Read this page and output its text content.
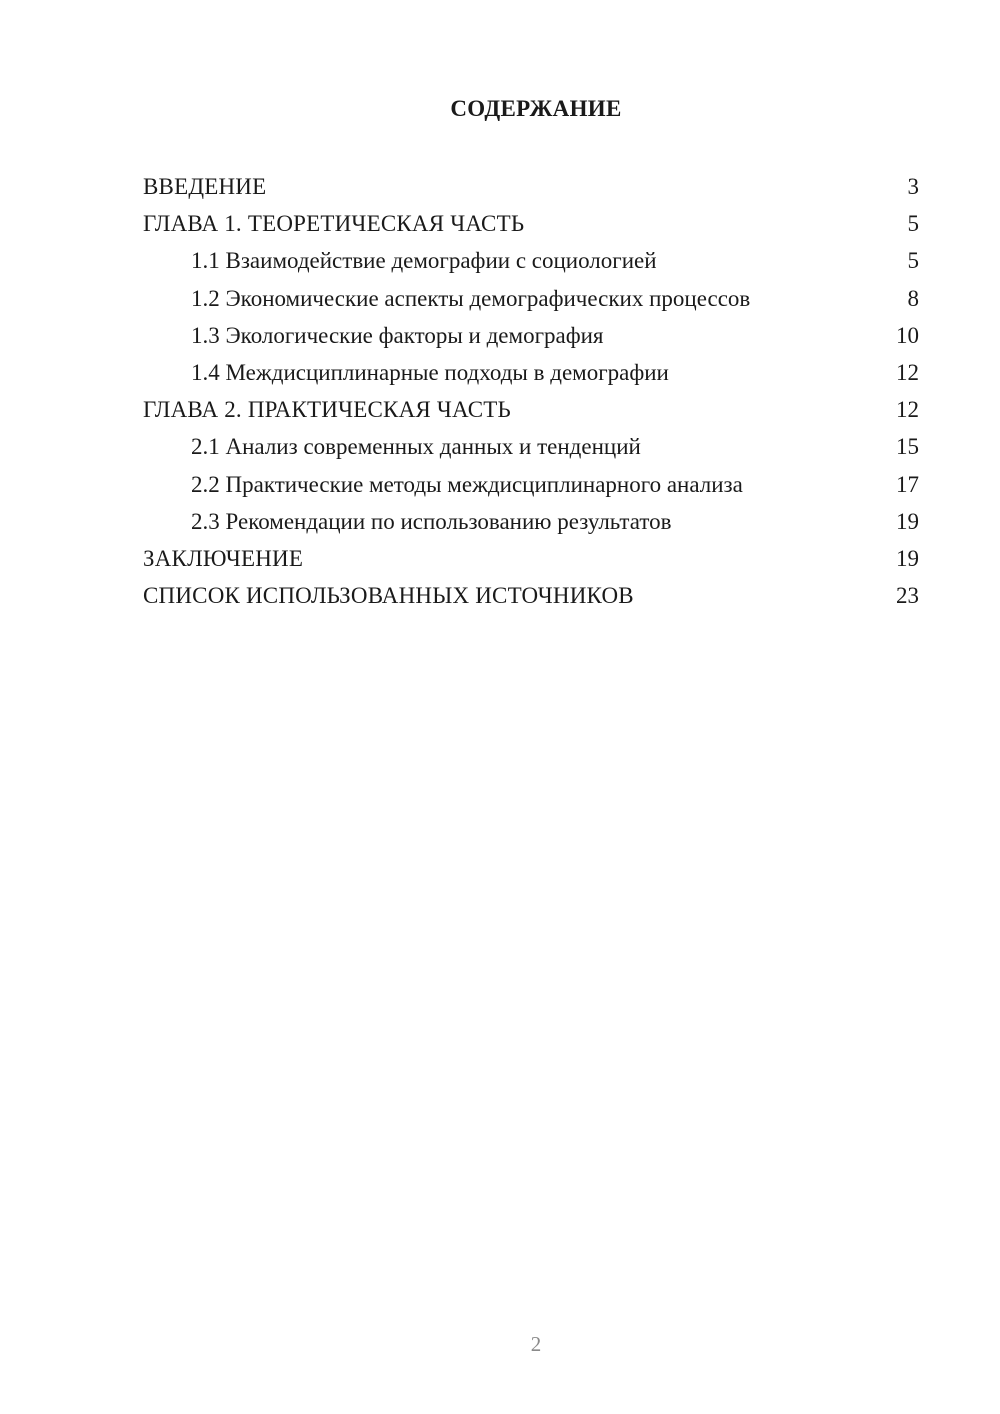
СОДЕРЖАНИЕ
ВВЕДЕНИЕ	3
ГЛАВА 1. ТЕОРЕТИЧЕСКАЯ ЧАСТЬ	5
1.1 Взаимодействие демографии с социологией	5
1.2 Экономические аспекты демографических процессов	8
1.3 Экологические факторы и демография	10
1.4 Междисциплинарные подходы в демографии	12
ГЛАВА 2. ПРАКТИЧЕСКАЯ ЧАСТЬ	12
2.1 Анализ современных данных и тенденций	15
2.2 Практические методы междисциплинарного анализа	17
2.3 Рекомендации по использованию результатов	19
ЗАКЛЮЧЕНИЕ	19
СПИСОК ИСПОЛЬЗОВАННЫХ ИСТОЧНИКОВ	23
2
